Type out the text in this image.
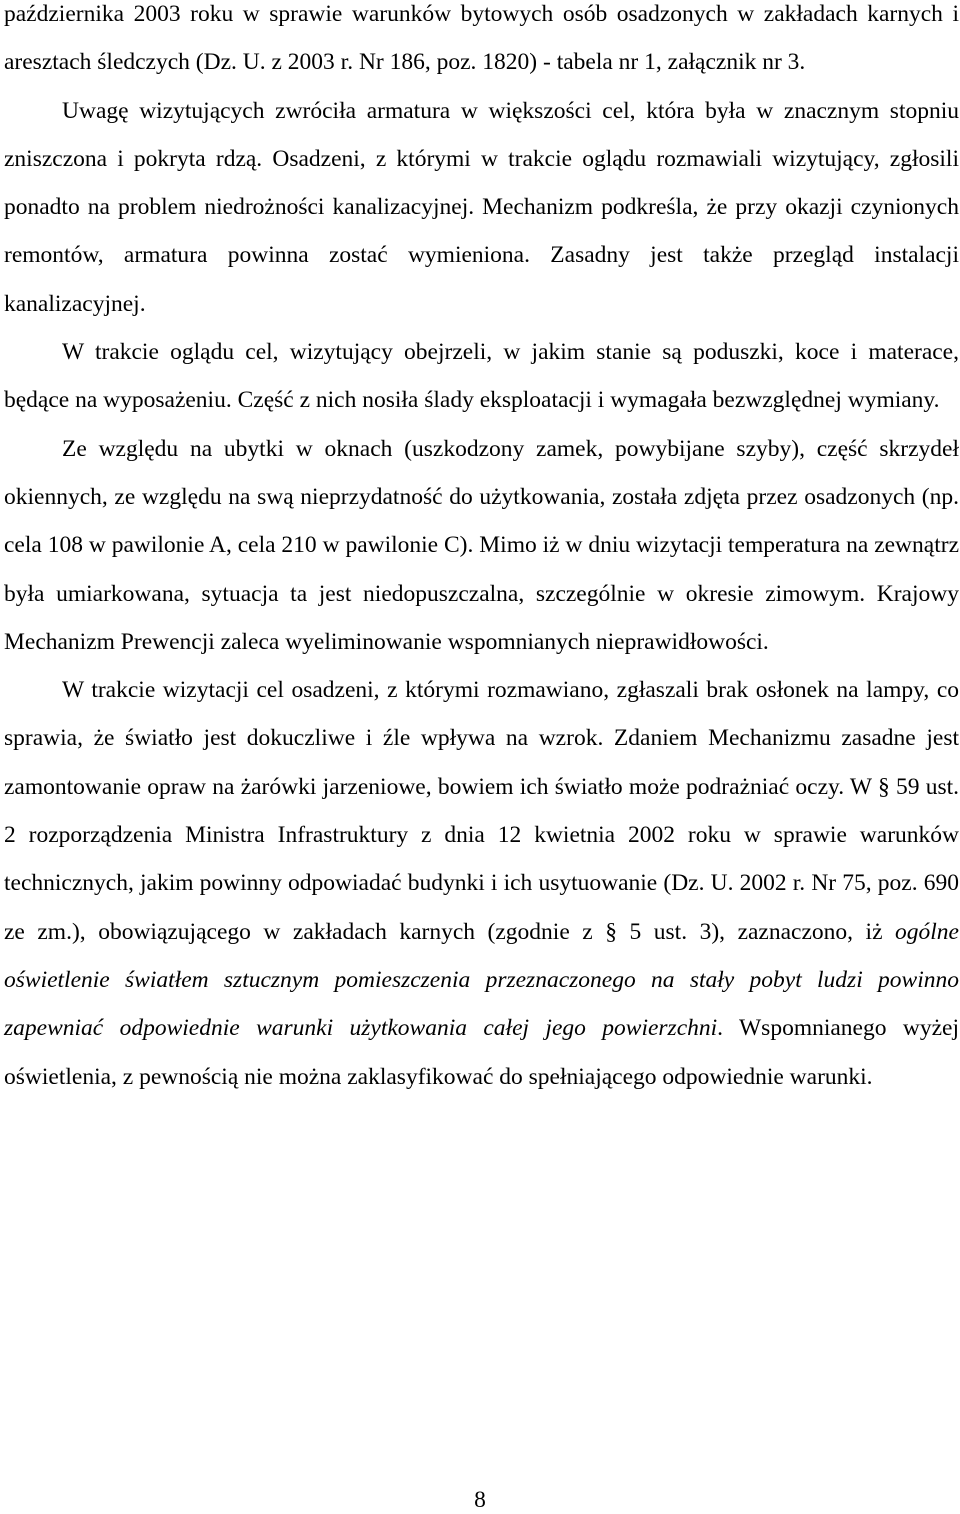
października 2003 roku w sprawie warunków bytowych osób osadzonych w zakładach karnych i aresztach śledczych (Dz. U. z 2003 r. Nr 186, poz. 1820) - tabela nr 1, załącznik nr 3.

Uwagę wizytujących zwróciła armatura w większości cel, która była w znacznym stopniu zniszczona i pokryta rdzą. Osadzeni, z którymi w trakcie oglądu rozmawiali wizytujący, zgłosili ponadto na problem niedrożności kanalizacyjnej. Mechanizm podkreśla, że przy okazji czynionych remontów, armatura powinna zostać wymieniona. Zasadny jest także przegląd instalacji kanalizacyjnej.

W trakcie oglądu cel, wizytujący obejrzeli, w jakim stanie są poduszki, koce i materace, będące na wyposażeniu. Część z nich nosiła ślady eksploatacji i wymagała bezwzględnej wymiany.

Ze względu na ubytki w oknach (uszkodzony zamek, powybijane szyby), część skrzydeł okiennych, ze względu na swą nieprzydatność do użytkowania, została zdjęta przez osadzonych (np. cela 108 w pawilonie A, cela 210 w pawilonie C). Mimo iż w dniu wizytacji temperatura na zewnątrz była umiarkowana, sytuacja ta jest niedopuszczalna, szczególnie w okresie zimowym. Krajowy Mechanizm Prewencji zaleca wyeliminowanie wspomnianych nieprawidłowości.

W trakcie wizytacji cel osadzeni, z którymi rozmawiano, zgłaszali brak osłonek na lampy, co sprawia, że światło jest dokuczliwe i źle wpływa na wzrok. Zdaniem Mechanizmu zasadne jest zamontowanie opraw na żarówki jarzeniowe, bowiem ich światło może podrażniać oczy. W § 59 ust. 2 rozporządzenia Ministra Infrastruktury z dnia 12 kwietnia 2002 roku w sprawie warunków technicznych, jakim powinny odpowiadać budynki i ich usytuowanie (Dz. U. 2002 r. Nr 75, poz. 690 ze zm.), obowiązującego w zakładach karnych (zgodnie z § 5 ust. 3), zaznaczono, iż ogólne oświetlenie światłem sztucznym pomieszczenia przeznaczonego na stały pobyt ludzi powinno zapewniać odpowiednie warunki użytkowania całej jego powierzchni. Wspomnianego wyżej oświetlenia, z pewnością nie można zaklasyfikować do spełniającego odpowiednie warunki.

8
